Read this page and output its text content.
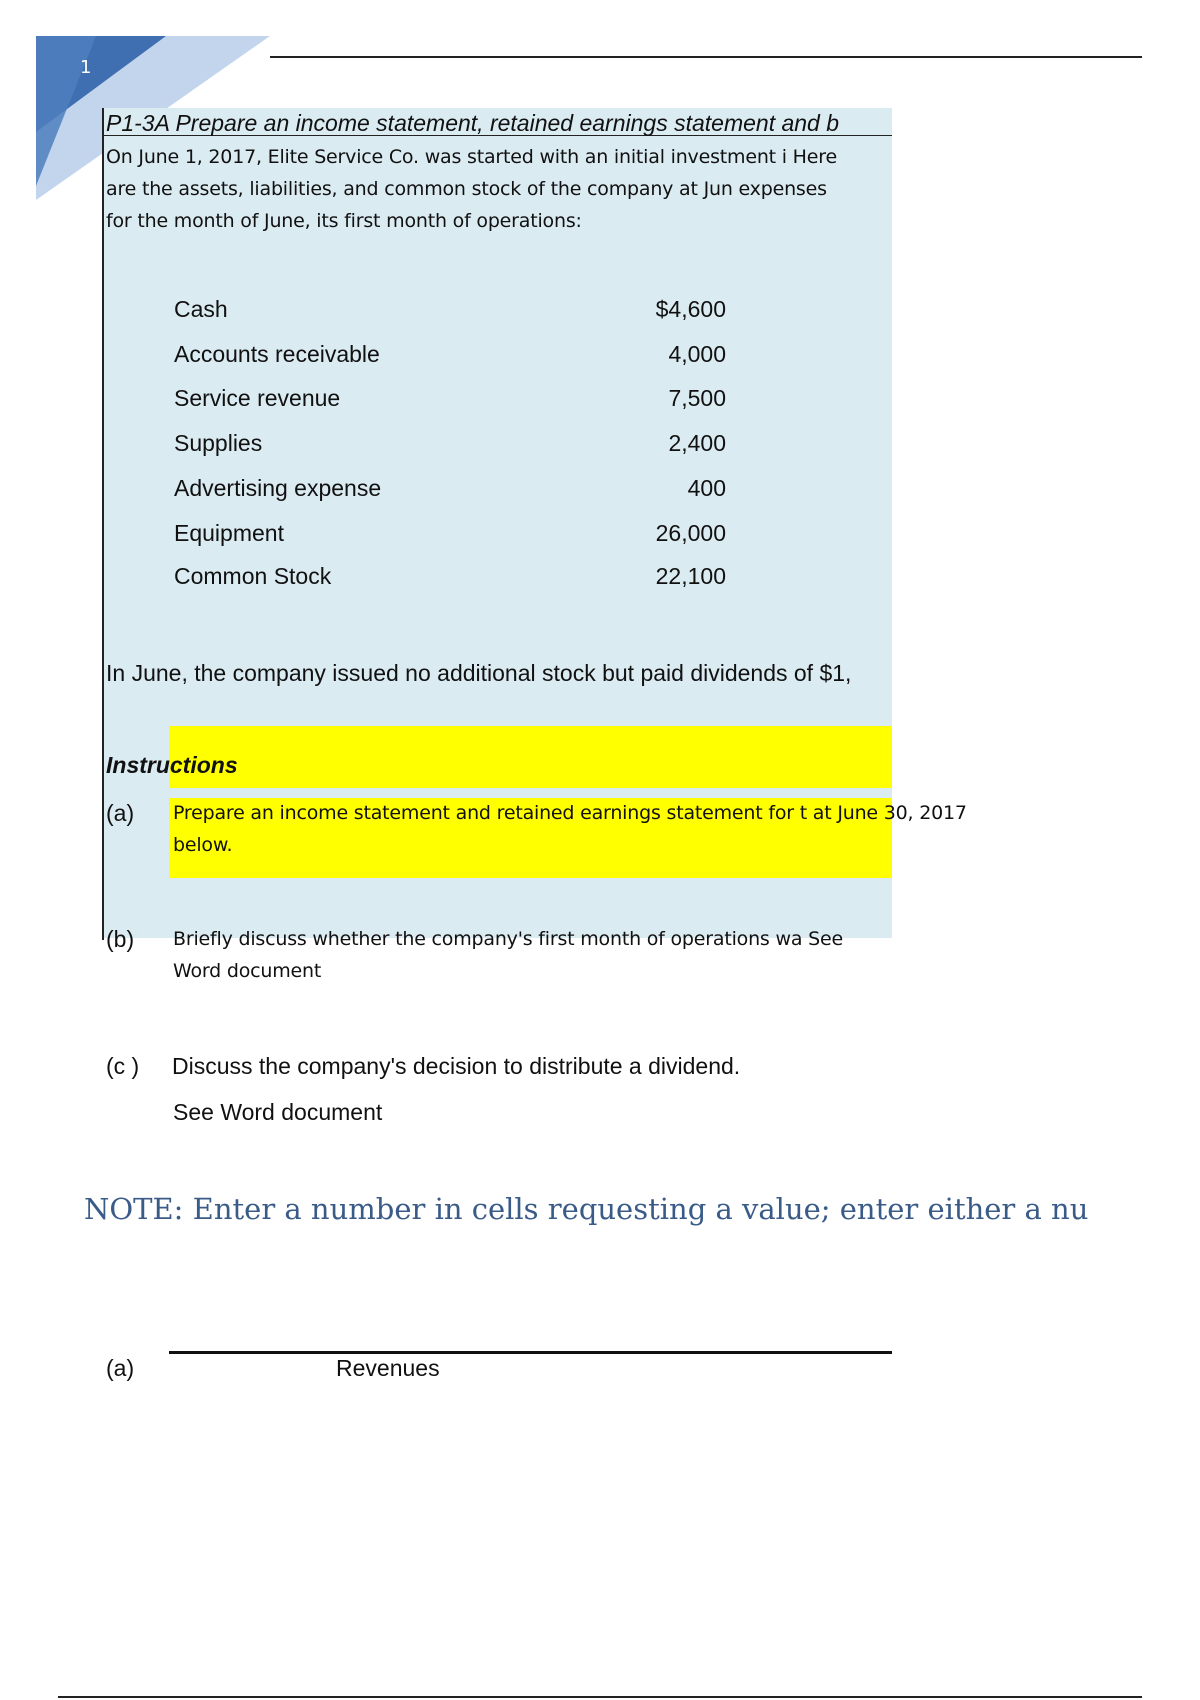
1
P1-3A Prepare an income statement, retained earnings statement and b
On June 1, 2017, Elite Service Co. was started with an initial investment i Here
are the assets, liabilities, and common stock of the company at Jun expenses
for the month of June, its first month of operations:
Cash	$4,600
Accounts receivable	4,000
Service revenue	7,500
Supplies	2,400
Advertising expense	400
Equipment	26,000
Common Stock	22,100
In June, the company issued no additional stock but paid dividends of $1,
Instructions
(a) Prepare an income statement and retained earnings statement for t at June 30, 2017
below.
(b) Briefly discuss whether the company's first month of operations wa See
Word document
(c ) Discuss the company's decision to distribute a dividend.
See Word document
NOTE: Enter a number in cells requesting a value; enter either a nu
(a)	Revenues
